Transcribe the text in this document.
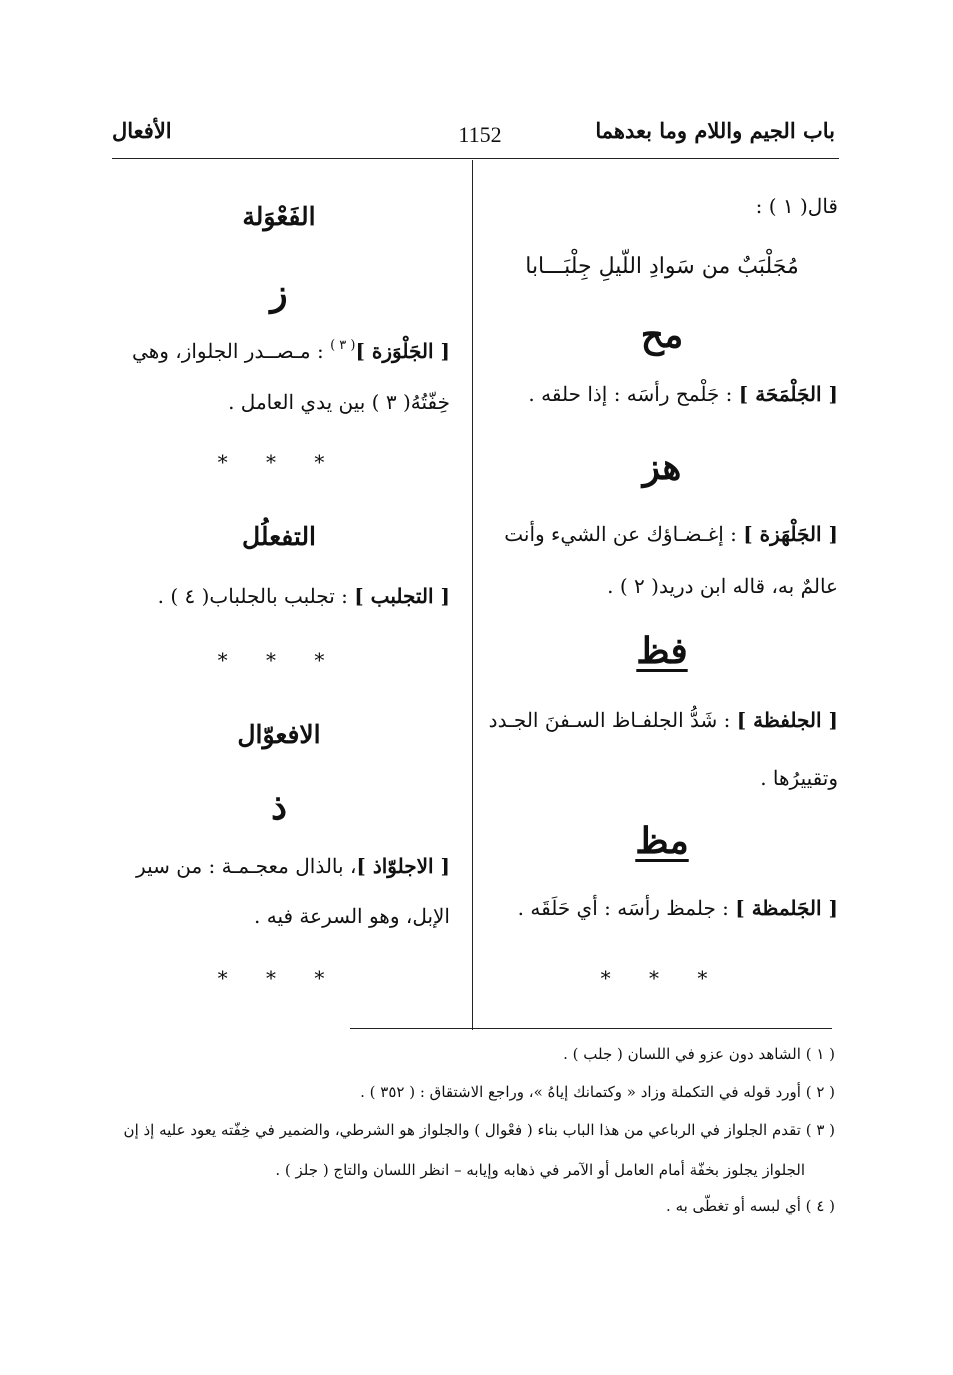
باب الجيم واللام وما بعدهما
1152
الأفعال
قال( ١ ) :
مُجَلْبَبٌ من سَوادِ اللّيلِ جِلْبَـــابا
مح
[ الجَلْمَحَة ] : جَلْمح رأسَه : إذا حلقه .
هز
[ الجَلْهَزة ] : إغـضـاؤك عن الشيء وأنت
عالمٌ به، قاله ابن دريد( ٢ ) .
فظ
[ الجلفظة ] : شَدُّ الجلفـاظ السـفنَ الجـدد
وتقييرُها .
مظ
[ الجَلمظة ] : جلمظ رأسَه : أي حَلَقَه .
* * *
الفَعْوَلة
ز
[ الجَلْوَزة ]$^{( ٣ )}$ : مـصــدر الجلواز، وهي
خِفّتُهُ( ٣ ) بين يدي العامل .
* * *
التفعلُل
[ التجلبب ] : تجلبب بالجلباب( ٤ ) .
* * *
الافعوّال
ذ
[ الاجلوّاذ ]، بالذال معجـمـة : من سير
الإبل، وهو السرعة فيه .
* * *
( ١ ) الشاهد دون عزو في اللسان ( جلب ) .
( ٢ ) أورد قوله في التكملة وزاد « وكتمانك إياهُ »، وراجع الاشتقاق : ( ٣٥٢ ) .
( ٣ ) تقدم الجلواز في الرباعي من هذا الباب بناء ( فعْوال ) والجلواز هو الشرطي، والضمير في خِفّته يعود عليه إذ إن
الجلواز يجلوز بخفّة أمام العامل أو الآمر في ذهابه وإيابه – انظر اللسان والتاج ( جلز ) .
( ٤ ) أي لبسه أو تغطّى به .
